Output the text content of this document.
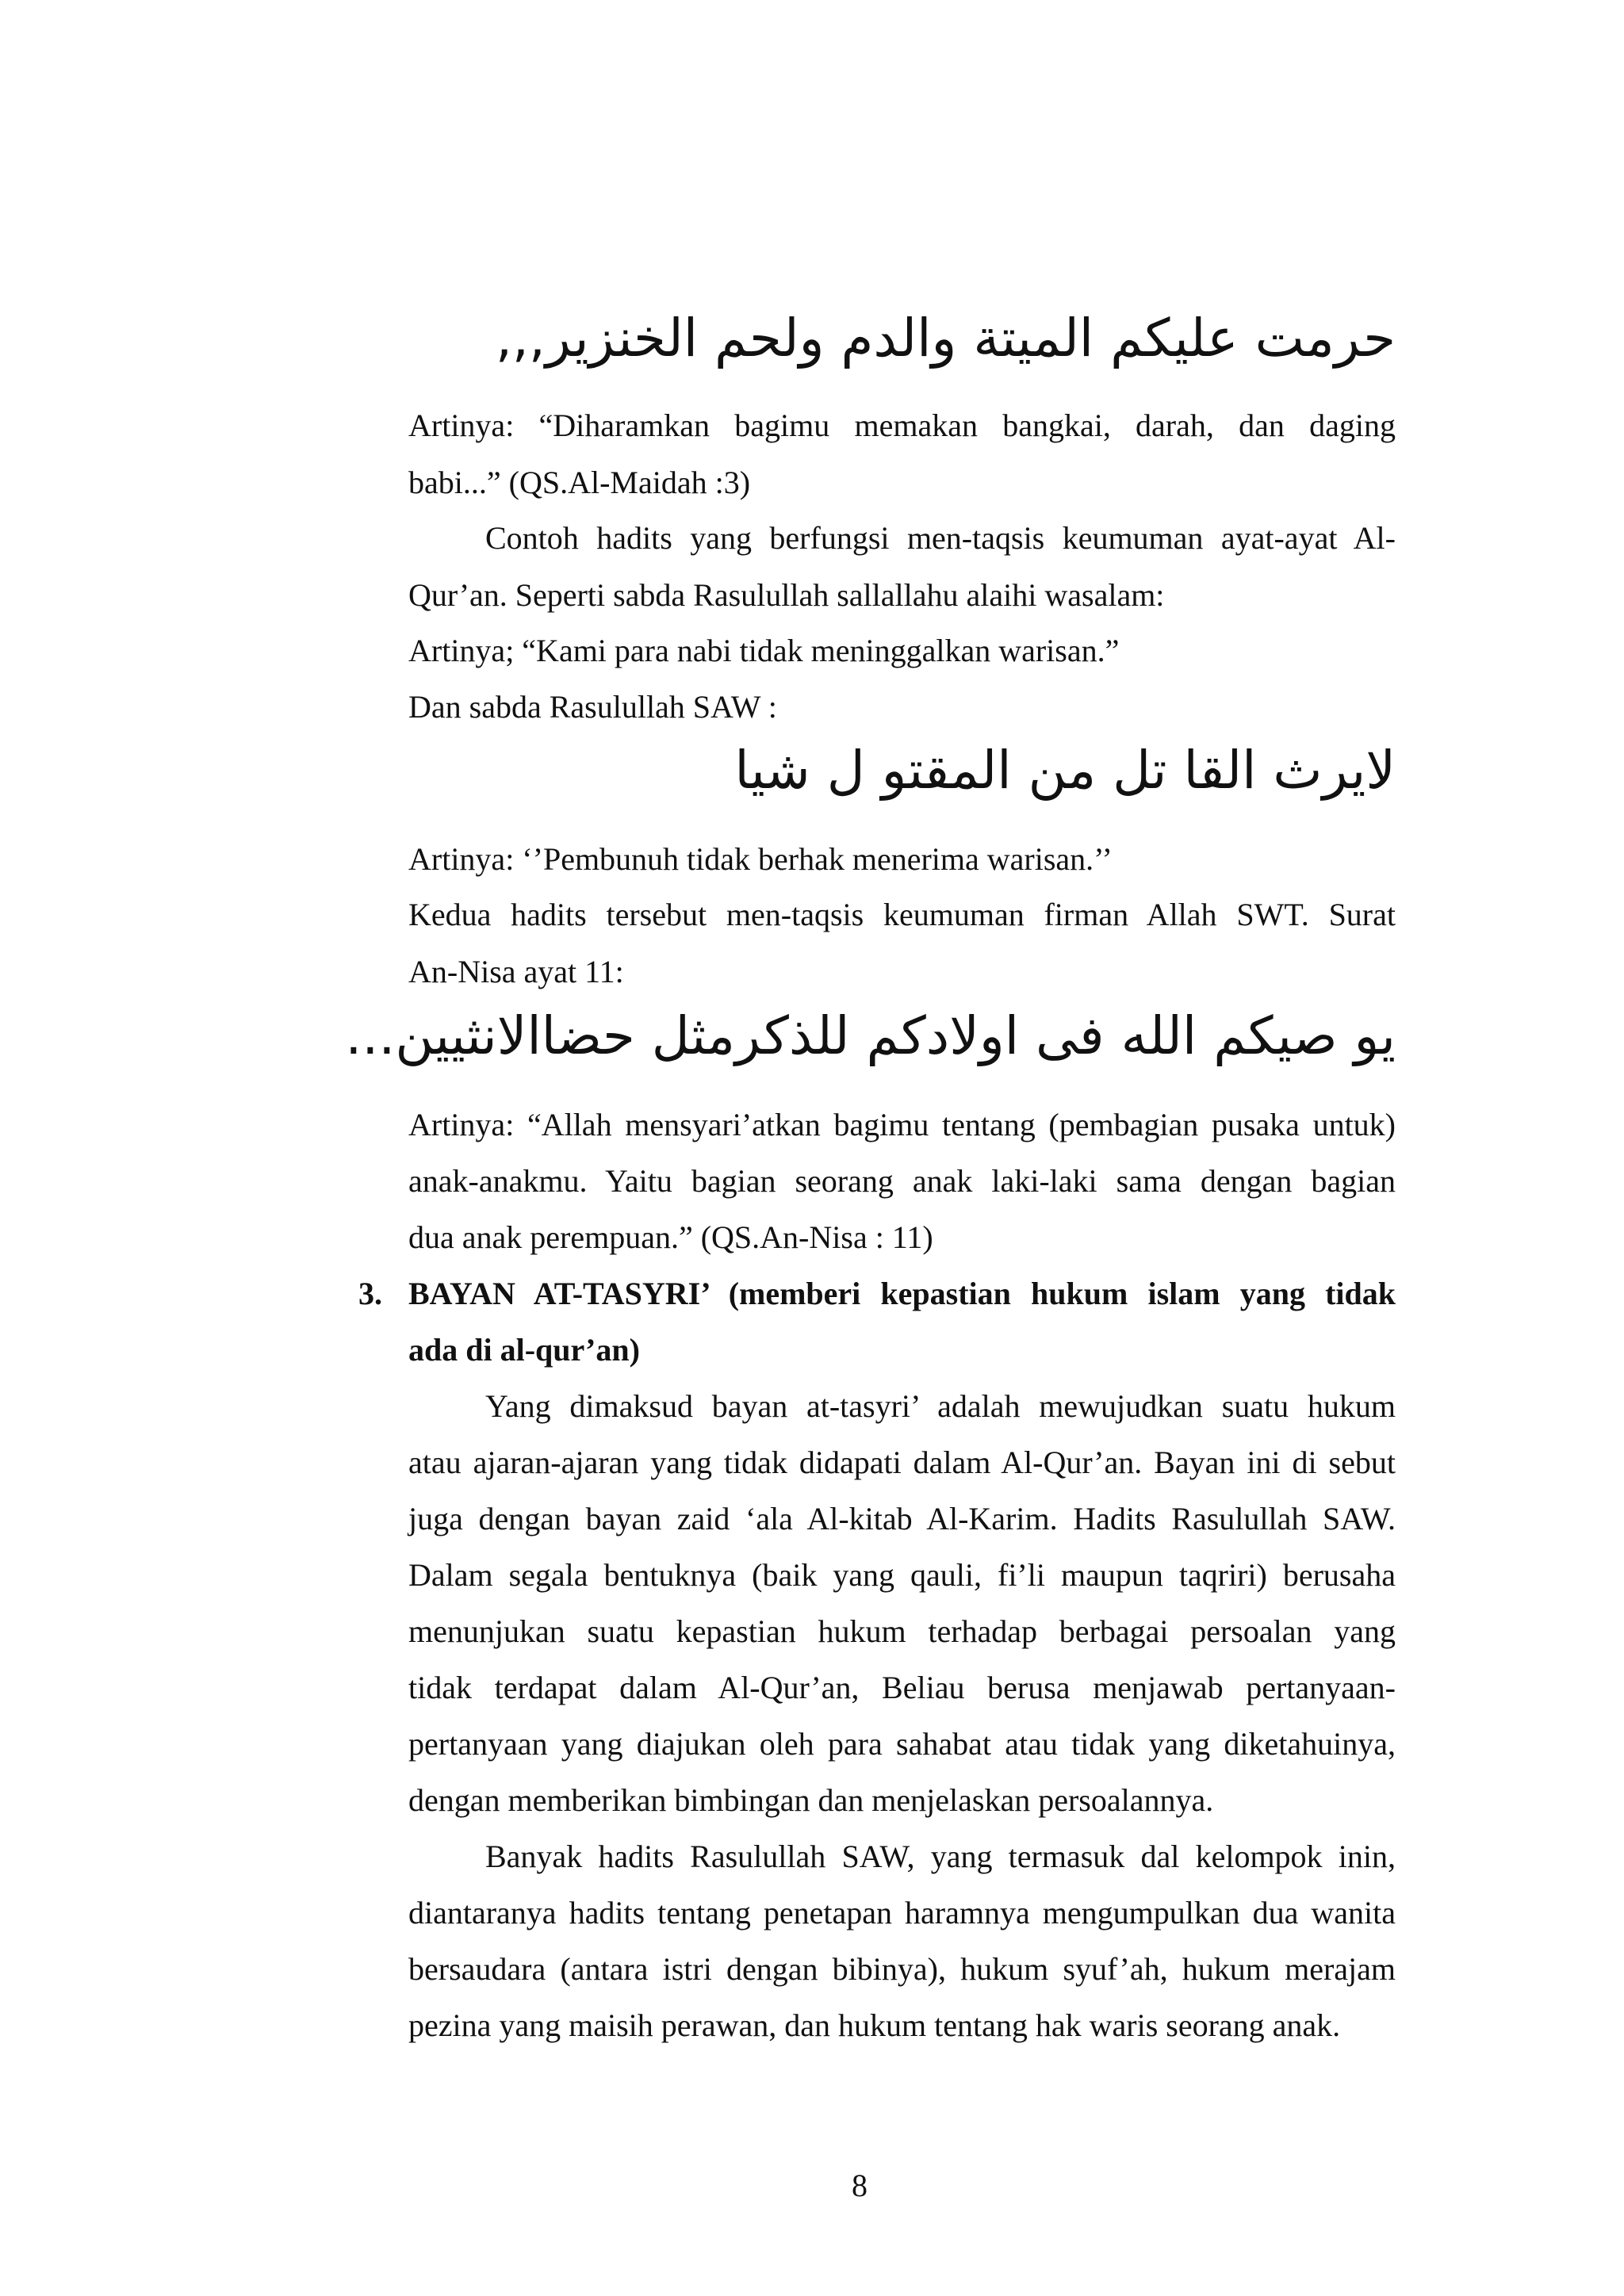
حرمت عليكم الميتة والدم ولحم الخنزير,,,
Artinya: “Diharamkan bagimu memakan bangkai, darah, dan daging
babi...” (QS.Al-Maidah :3)
Contoh hadits yang berfungsi men-taqsis keumuman ayat-ayat Al-
Qur’an. Seperti sabda Rasulullah sallallahu alaihi wasalam:
Artinya; “Kami para nabi tidak meninggalkan warisan.”
Dan sabda Rasulullah SAW :
لايرث القا تل من المقتو ل شيا
Artinya: ‘’Pembunuh tidak berhak menerima warisan.’’
Kedua hadits tersebut men-taqsis keumuman firman Allah SWT. Surat
An-Nisa ayat 11:
يو صيكم الله فى اولادكم للذكرمثل حضاالانثيين...
Artinya: “Allah mensyari’atkan bagimu tentang (pembagian pusaka untuk)
anak-anakmu. Yaitu bagian seorang anak laki-laki sama dengan bagian
dua anak perempuan.” (QS.An-Nisa : 11)
3. BAYAN AT-TASYRI’ (memberi kepastian hukum islam yang tidak
ada di al-qur’an)
Yang dimaksud bayan at-tasyri’ adalah mewujudkan suatu hukum
atau ajaran-ajaran yang tidak didapati dalam Al-Qur’an. Bayan ini di sebut
juga dengan bayan zaid ‘ala Al-kitab Al-Karim. Hadits Rasulullah SAW.
Dalam segala bentuknya (baik yang qauli, fi’li maupun taqriri) berusaha
menunjukan suatu kepastian hukum terhadap berbagai persoalan yang
tidak terdapat dalam Al-Qur’an, Beliau berusa menjawab pertanyaan-
pertanyaan yang diajukan oleh para sahabat atau tidak yang diketahuinya,
dengan memberikan bimbingan dan menjelaskan persoalannya.
Banyak hadits Rasulullah SAW, yang termasuk dal kelompok inin,
diantaranya hadits tentang penetapan haramnya mengumpulkan dua wanita
bersaudara (antara istri dengan bibinya), hukum syuf’ah, hukum merajam
pezina yang maisih perawan, dan hukum tentang hak waris seorang anak.
8
